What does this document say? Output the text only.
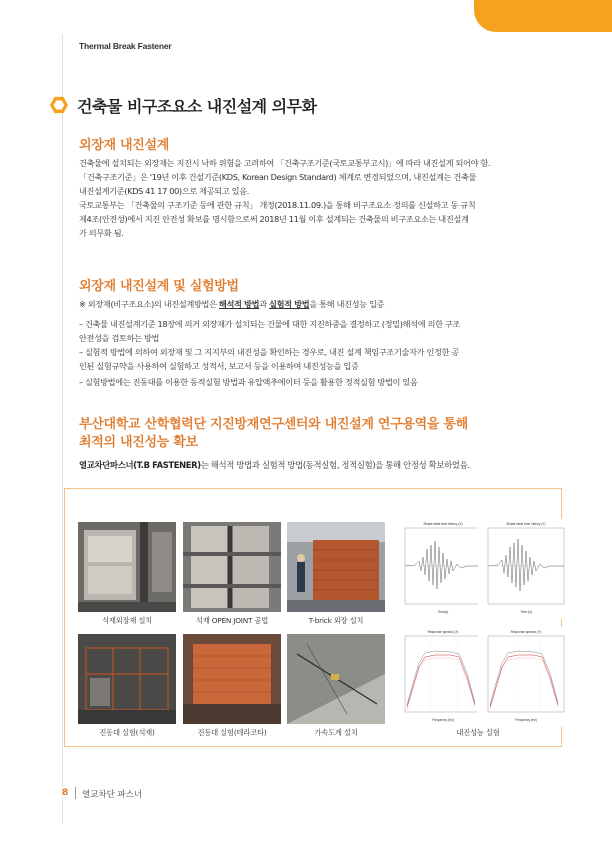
Thermal Break Fastener
건축물 비구조요소 내진설계 의무화
외장재 내진설계
건축물에 설치되는 외장재는 지진시 낙하 위험을 고려하여 「건축구조기준(국토교통부고시)」에 따라 내진설계 되어야 함.
「건축구조기준」은 '19년 이후 건설기준(KDS, Korean Design Standard) 체계로 변경되었으며, 내진설계는 건축물
내진설계기준(KDS 41 17 00)으로 제공되고 있음.
국토교통부는 「건축물의 구조기준 등에 관한 규칙」 개정(2018.11.09.)을 통해 비구조요소 정의를 신설하고 동 규칙
제4조(안전성)에서 지진 안전성 확보를 명시함으로써 2018년 11월 이후 설계되는 건축물의 비구조요소는 내진설계
가 의무화 됨.
외장재 내진설계 및 실험방법
※ 외장재(비구조요소)의 내진설계방법은 해석적 방법과 실험적 방법을 통해 내진성능 입증
– 건축물 내진설계기준 18장에 의거 외장재가 설치되는 건물에 대한 지진하중을 결정하고 (정밀)해석에 의한 구조
안전성을 검토하는 방법
– 실험적 방법에 의하여 외장재 및 그 지지부의 내진성을 확인하는 경우로, 내진 설계 책임구조기술자가 인정한 공
인된 실험규약을 사용하여 실험하고 성적서, 보고서 등을 이용하여 내진성능을 입증
– 실험방법에는 진동대를 이용한 동적실험 방법과 유압액추에이터 등을 활용한 정적실험 방법이 있음
부산대학교 산학협력단 지진방재연구센터와 내진설계 연구용역을 통해
최적의 내진성능 확보
열교차단파스너(T.B FASTENER)는 해석적 방법과 실험적 방법(동적실험, 정적실험)을 통해 안정성 확보하였음.
Shake table time history (X)
Time(s)
Shake table time history (Y)
Time (s)
석재외장재 설치	석재 OPEN JOINT 공법	T-brick 외장 설치
Response spectra (X)
Frequency (Hz)
Response spectra (Y)
Frequency (Hz)
진동대 실험(석재)	진동대 실험(테라코타)	가속도계 설치	내진성능 실험
8 열교차단 파스너
